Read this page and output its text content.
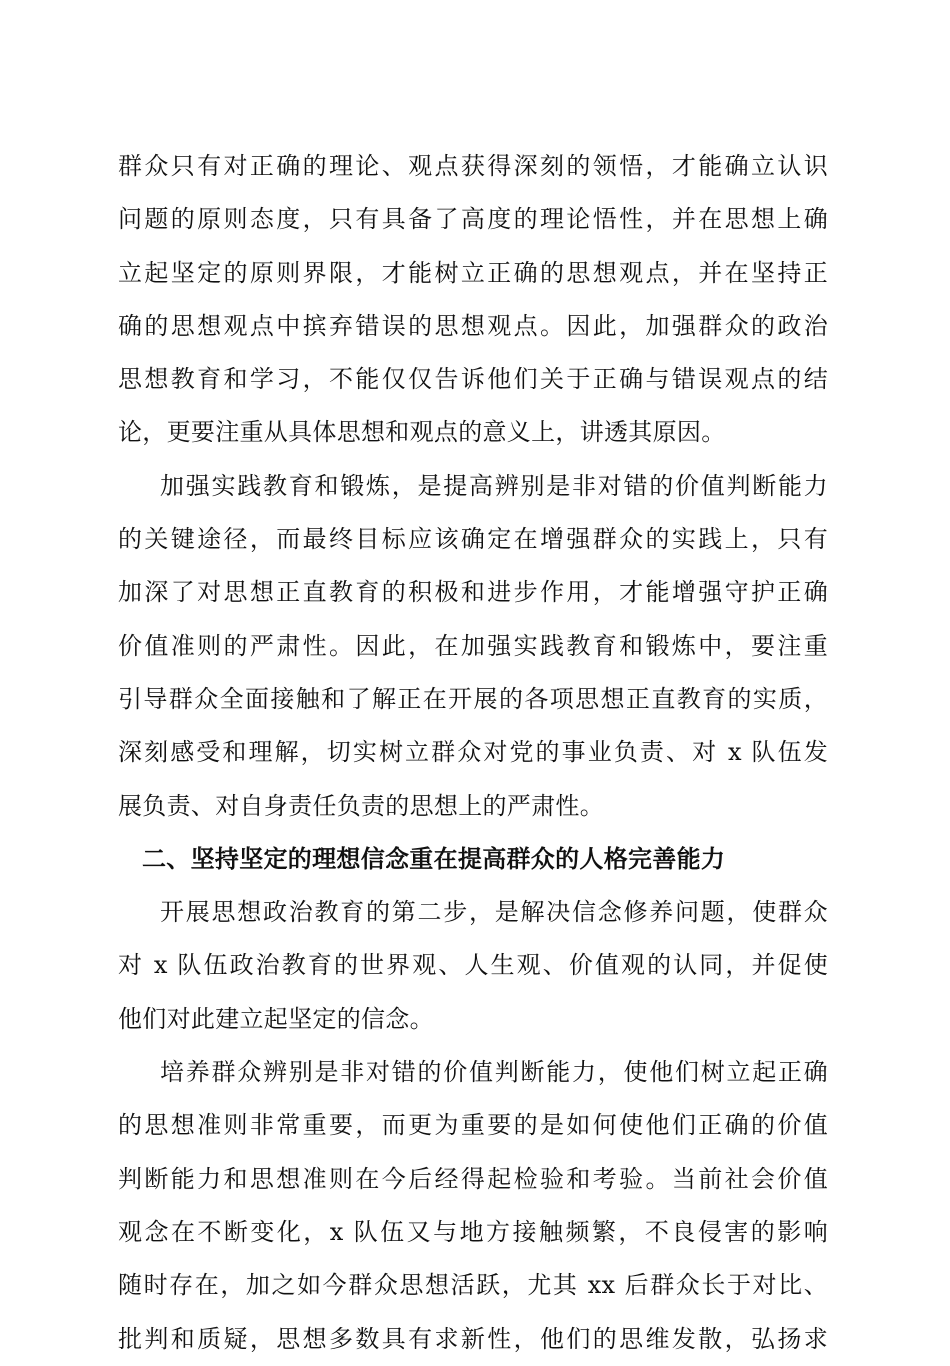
群众只有对正确的理论、观点获得深刻的领悟，才能确立认识
问题的原则态度，只有具备了高度的理论悟性，并在思想上确
立起坚定的原则界限，才能树立正确的思想观点，并在坚持正
确的思想观点中摈弃错误的思想观点。因此，加强群众的政治
思想教育和学习，不能仅仅告诉他们关于正确与错误观点的结
论，更要注重从具体思想和观点的意义上，讲透其原因。
加强实践教育和锻炼，是提高辨别是非对错的价值判断能力
的关键途径，而最终目标应该确定在增强群众的实践上，只有
加深了对思想正直教育的积极和进步作用，才能增强守护正确
价值准则的严肃性。因此，在加强实践教育和锻炼中，要注重
引导群众全面接触和了解正在开展的各项思想正直教育的实质，
深刻感受和理解，切实树立群众对党的事业负责、对 x 队伍发
展负责、对自身责任负责的思想上的严肃性。
二、坚持坚定的理想信念重在提高群众的人格完善能力
开展思想政治教育的第二步，是解决信念修养问题，使群众
对 x 队伍政治教育的世界观、人生观、价值观的认同，并促使
他们对此建立起坚定的信念。
培养群众辨别是非对错的价值判断能力，使他们树立起正确
的思想准则非常重要，而更为重要的是如何使他们正确的价值
判断能力和思想准则在今后经得起检验和考验。当前社会价值
观念在不断变化，x 队伍又与地方接触频繁，不良侵害的影响
随时存在，加之如今群众思想活跃，尤其 xx 后群众长于对比、
批判和质疑，思想多数具有求新性，他们的思维发散，弘扬求
